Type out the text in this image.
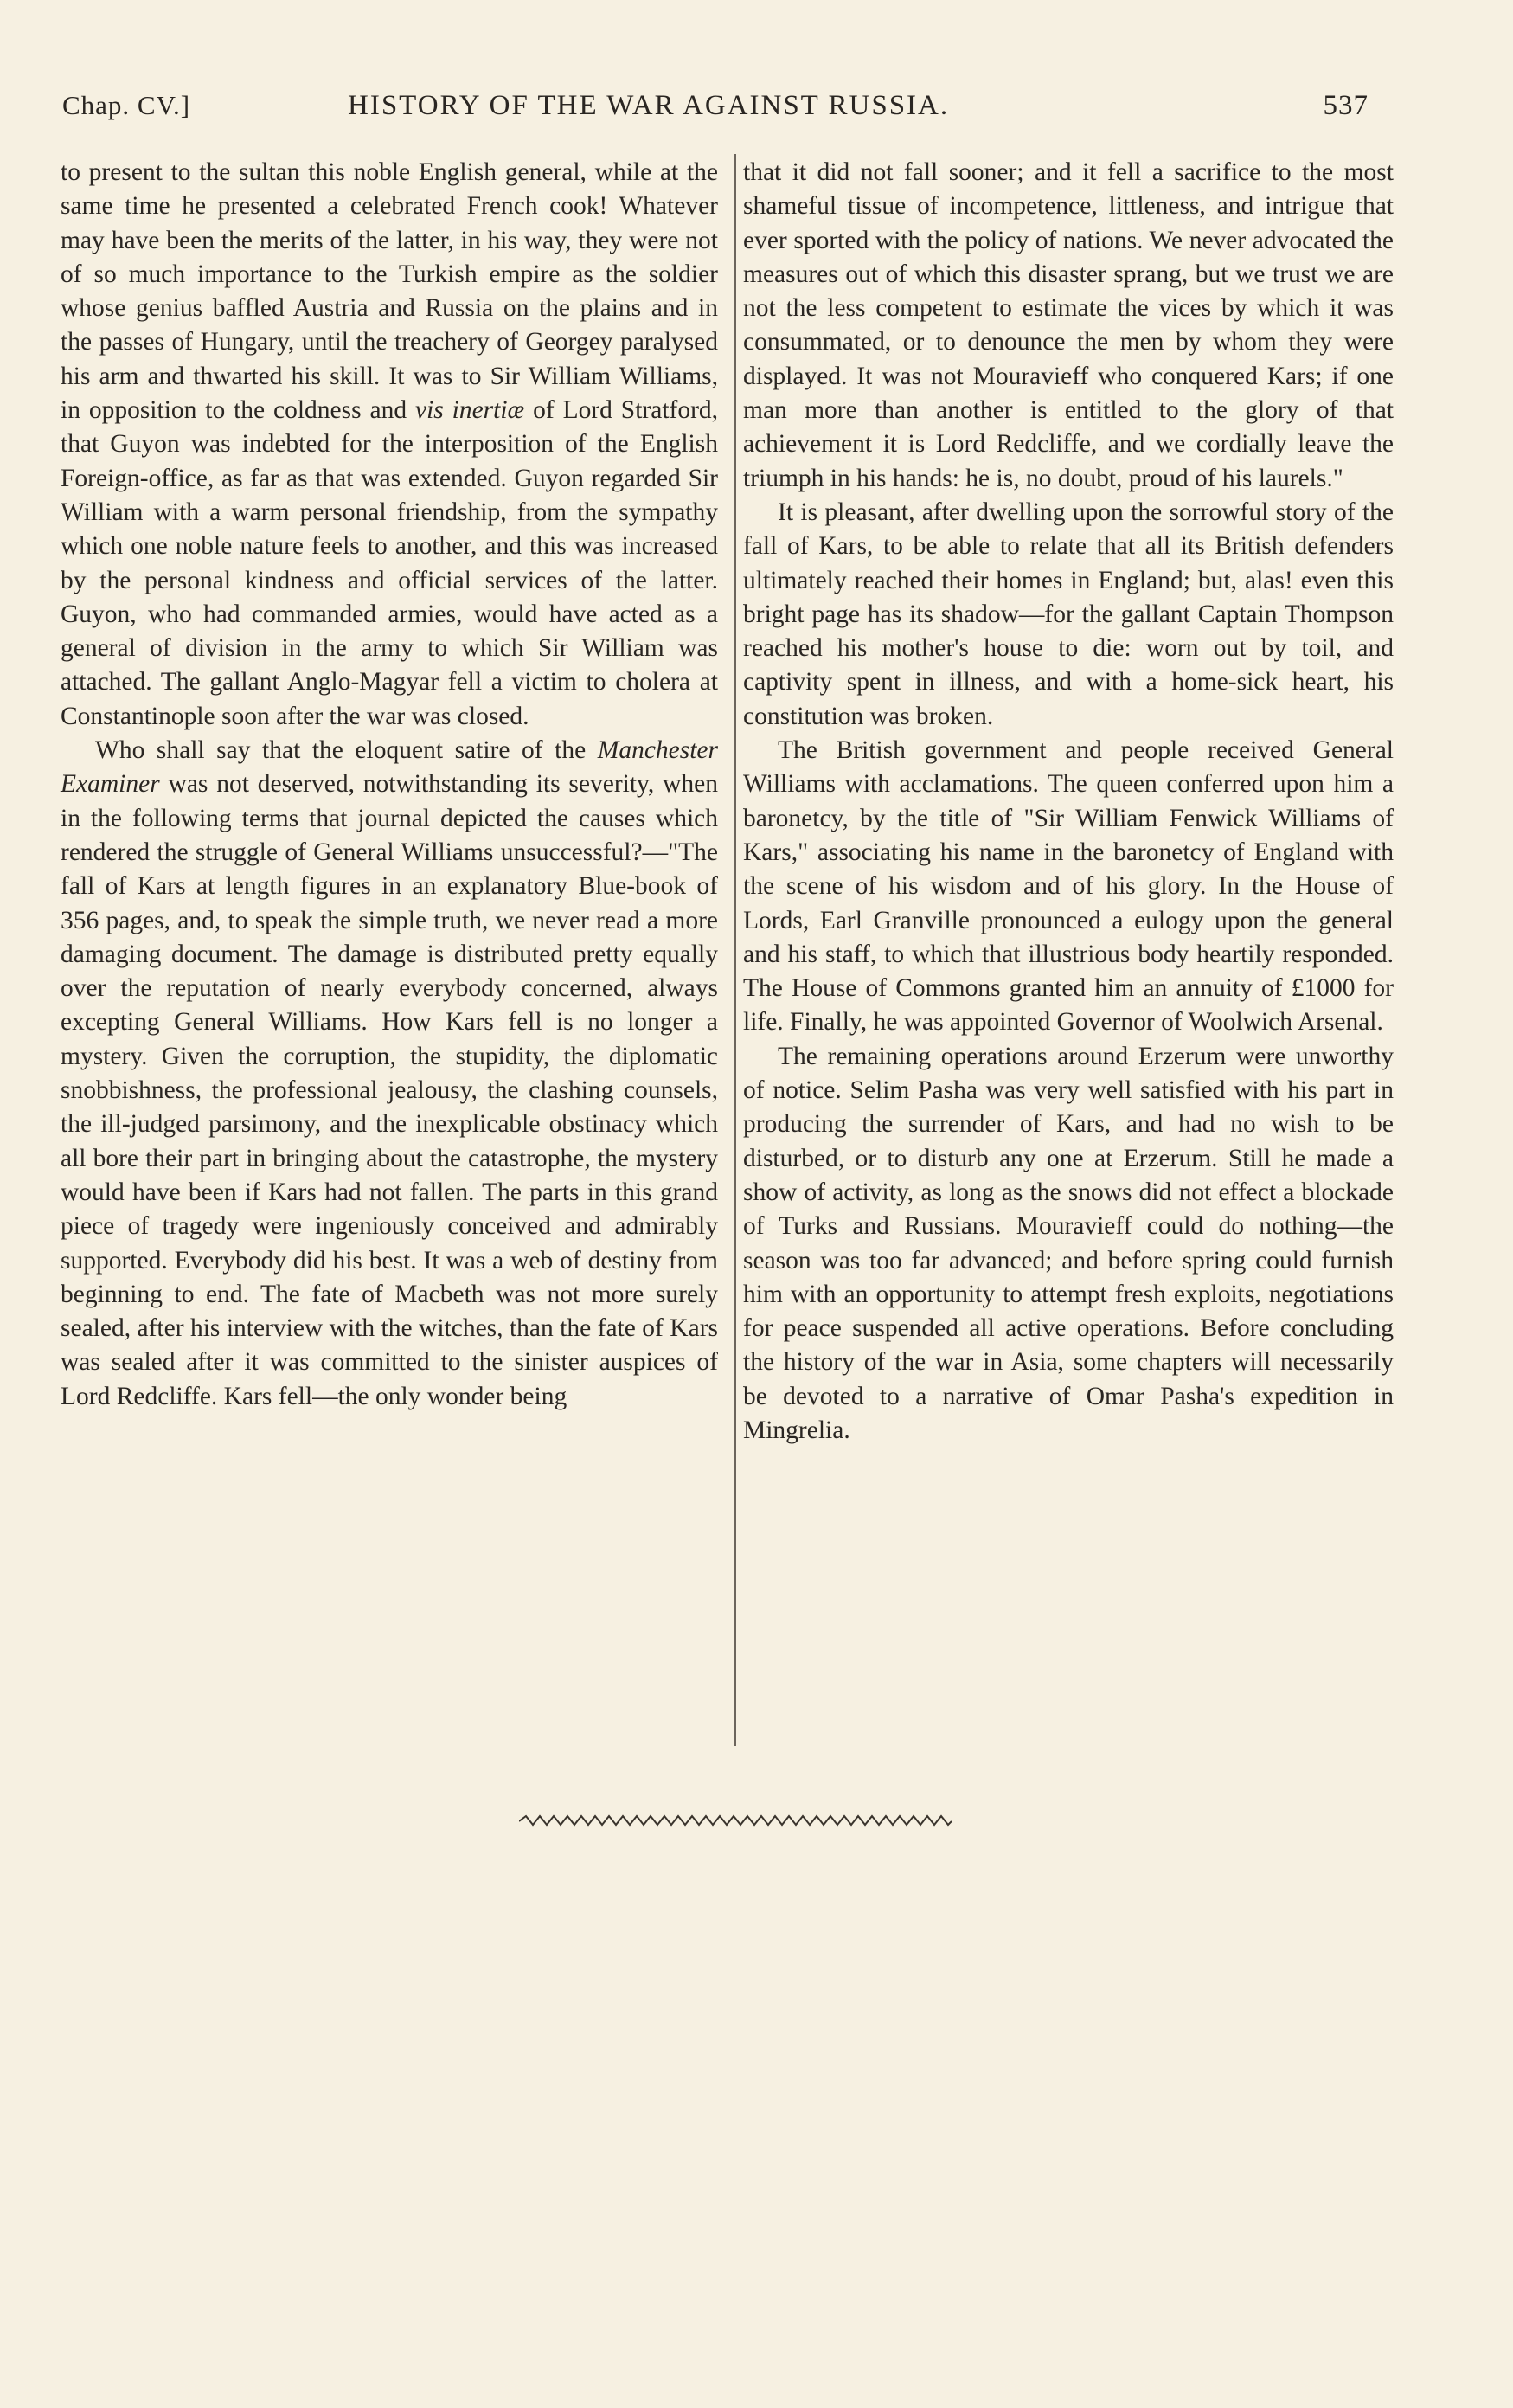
Chap. CV.]	HISTORY OF THE WAR AGAINST RUSSIA.	537

to present to the sultan this noble English general, while at the same time he presented a celebrated French cook! Whatever may have been the merits of the latter, in his way, they were not of so much importance to the Turkish empire as the soldier whose genius baffled Austria and Russia on the plains and in the passes of Hungary, until the treachery of Georgey paralysed his arm and thwarted his skill. It was to Sir William Williams, in opposition to the coldness and vis inertiæ of Lord Stratford, that Guyon was indebted for the interposition of the English Foreign-office, as far as that was extended. Guyon regarded Sir William with a warm personal friendship, from the sympathy which one noble nature feels to another, and this was increased by the personal kindness and official services of the latter. Guyon, who had commanded armies, would have acted as a general of division in the army to which Sir William was attached. The gallant Anglo-Magyar fell a victim to cholera at Constantinople soon after the war was closed.

Who shall say that the eloquent satire of the Manchester Examiner was not deserved, notwithstanding its severity, when in the following terms that journal depicted the causes which rendered the struggle of General Williams unsuccessful?—"The fall of Kars at length figures in an explanatory Blue-book of 356 pages, and, to speak the simple truth, we never read a more damaging document. The damage is distributed pretty equally over the reputation of nearly everybody concerned, always excepting General Williams. How Kars fell is no longer a mystery. Given the corruption, the stupidity, the diplomatic snobbishness, the professional jealousy, the clashing counsels, the ill-judged parsimony, and the inexplicable obstinacy which all bore their part in bringing about the catastrophe, the mystery would have been if Kars had not fallen. The parts in this grand piece of tragedy were ingeniously conceived and admirably supported. Everybody did his best. It was a web of destiny from beginning to end. The fate of Macbeth was not more surely sealed, after his interview with the witches, than the fate of Kars was sealed after it was committed to the sinister auspices of Lord Redcliffe. Kars fell—the only wonder being

that it did not fall sooner; and it fell a sacrifice to the most shameful tissue of incompetence, littleness, and intrigue that ever sported with the policy of nations. We never advocated the measures out of which this disaster sprang, but we trust we are not the less competent to estimate the vices by which it was consummated, or to denounce the men by whom they were displayed. It was not Mouravieff who conquered Kars; if one man more than another is entitled to the glory of that achievement it is Lord Redcliffe, and we cordially leave the triumph in his hands: he is, no doubt, proud of his laurels."

It is pleasant, after dwelling upon the sorrowful story of the fall of Kars, to be able to relate that all its British defenders ultimately reached their homes in England; but, alas! even this bright page has its shadow—for the gallant Captain Thompson reached his mother's house to die: worn out by toil, and captivity spent in illness, and with a home-sick heart, his constitution was broken.

The British government and people received General Williams with acclamations. The queen conferred upon him a baronetcy, by the title of "Sir William Fenwick Williams of Kars," associating his name in the baronetcy of England with the scene of his wisdom and of his glory. In the House of Lords, Earl Granville pronounced a eulogy upon the general and his staff, to which that illustrious body heartily responded. The House of Commons granted him an annuity of £1000 for life. Finally, he was appointed Governor of Woolwich Arsenal.

The remaining operations around Erzerum were unworthy of notice. Selim Pasha was very well satisfied with his part in producing the surrender of Kars, and had no wish to be disturbed, or to disturb any one at Erzerum. Still he made a show of activity, as long as the snows did not effect a blockade of Turks and Russians. Mouravieff could do nothing—the season was too far advanced; and before spring could furnish him with an opportunity to attempt fresh exploits, negotiations for peace suspended all active operations. Before concluding the history of the war in Asia, some chapters will necessarily be devoted to a narrative of Omar Pasha's expedition in Mingrelia.
